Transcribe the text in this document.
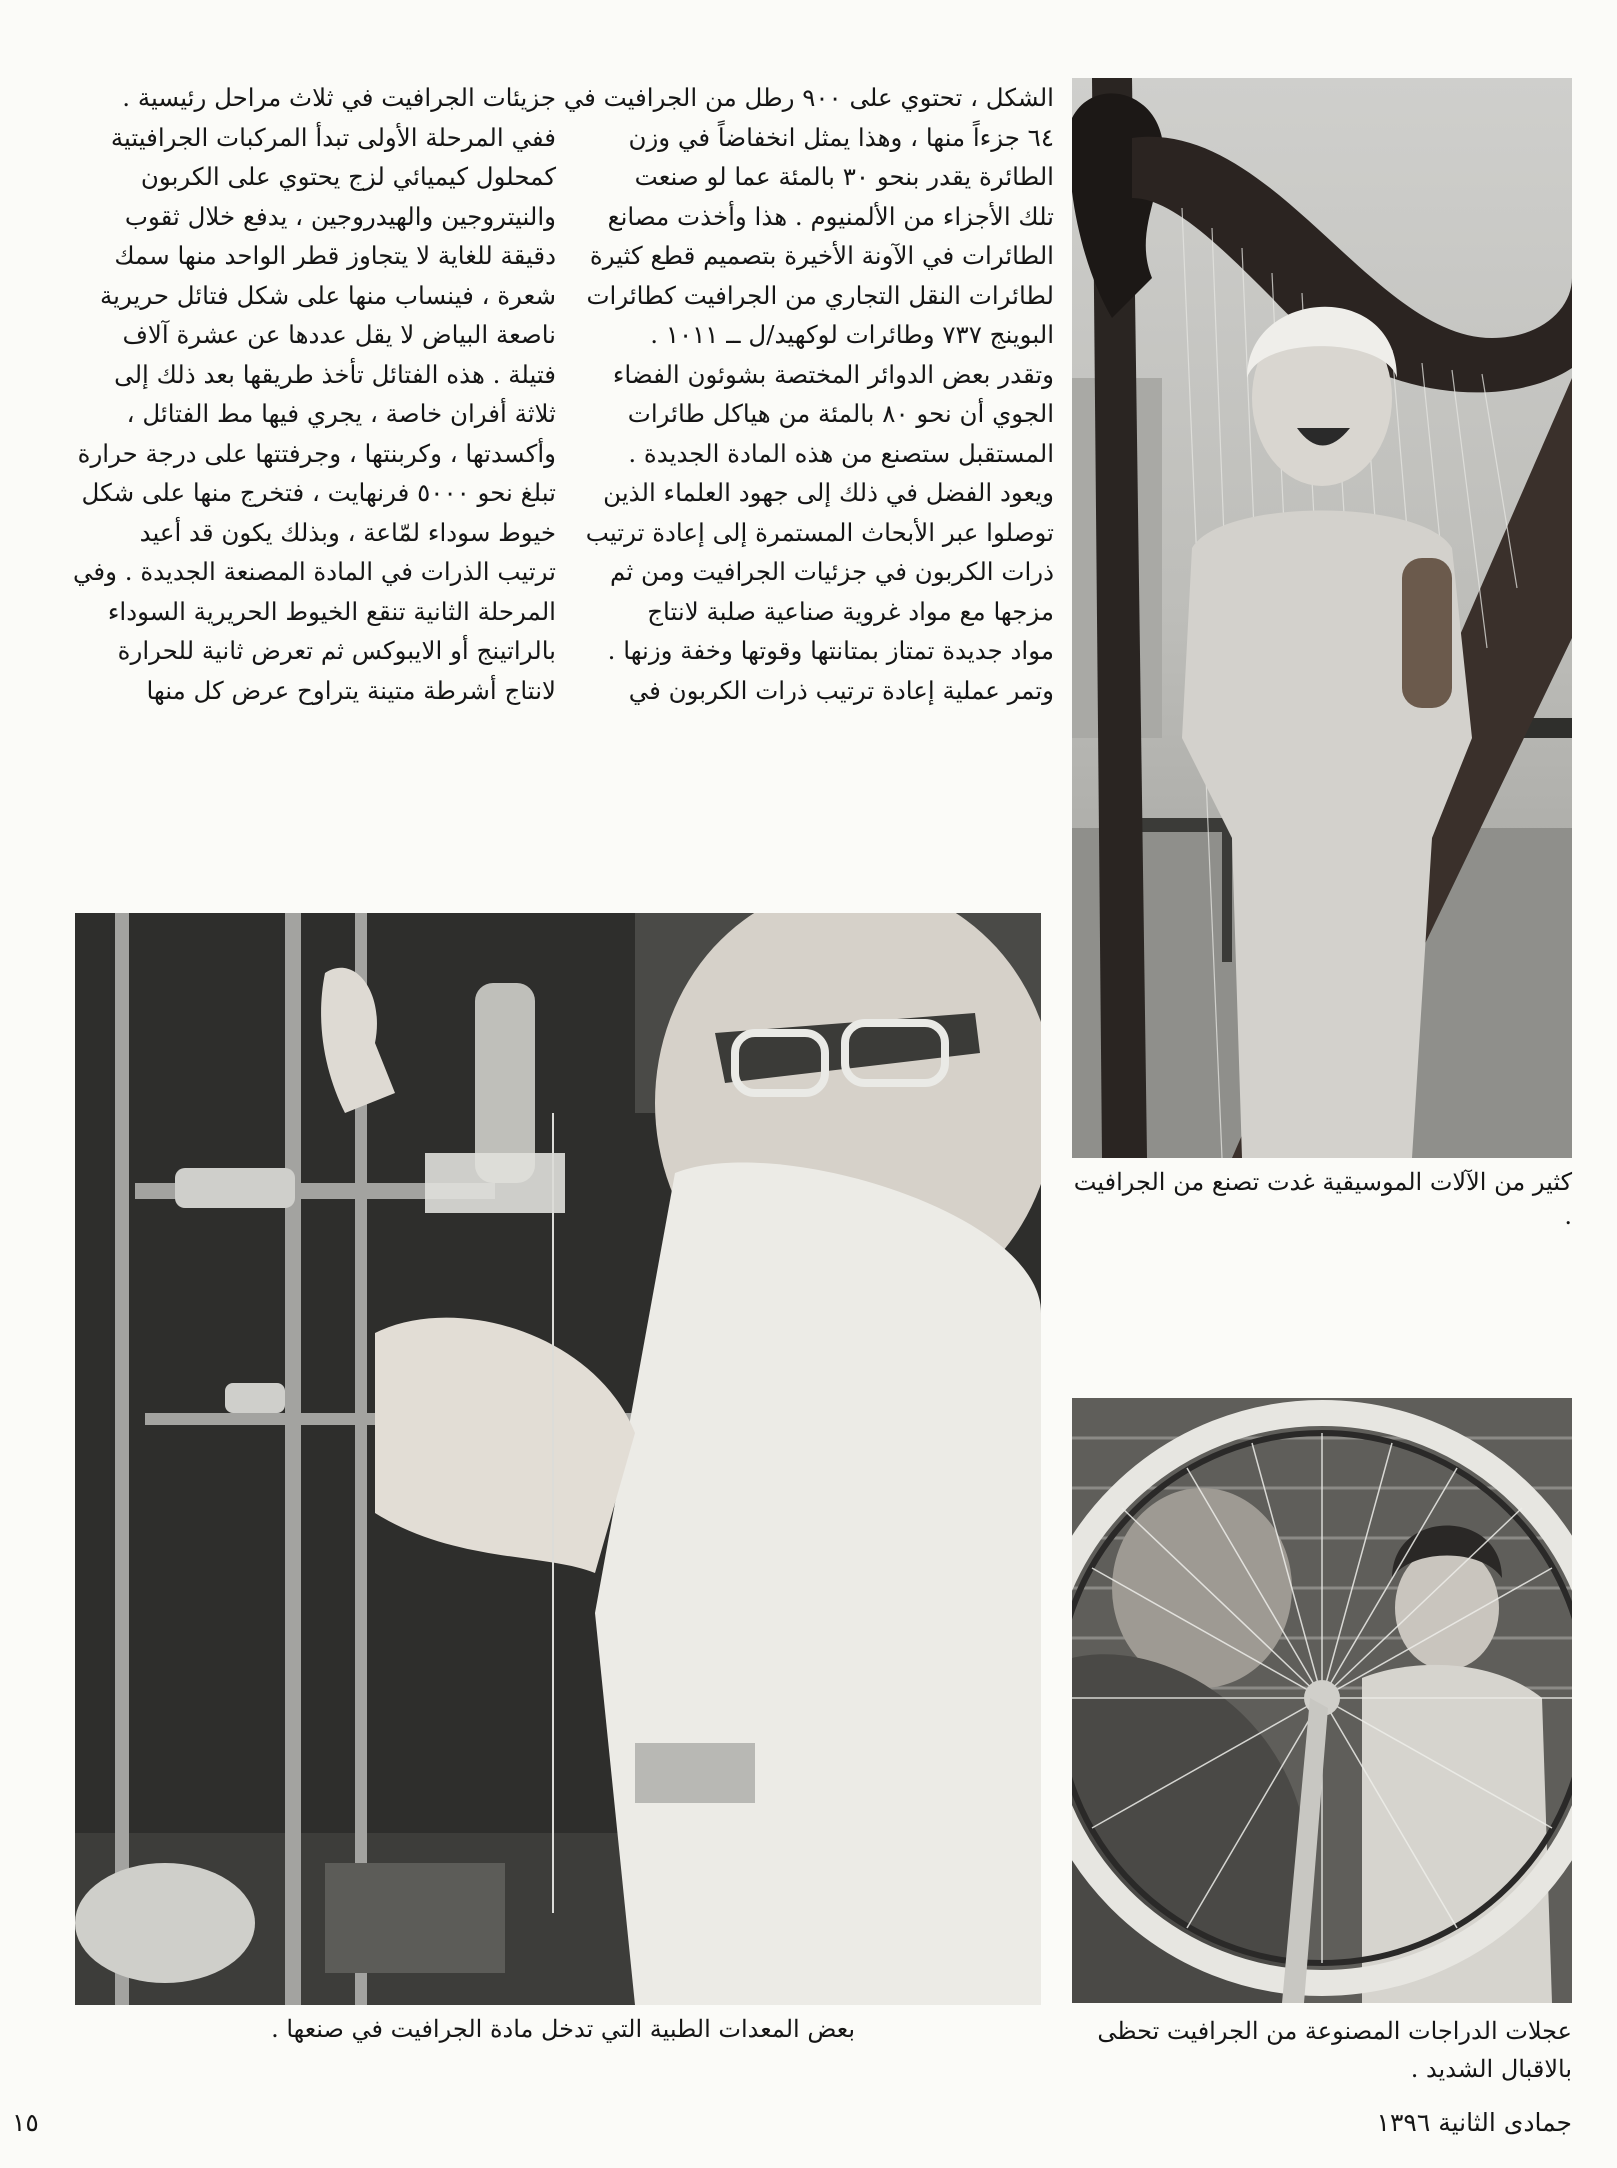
الشكل ، تحتوي على ٩٠٠ رطل من الجرافيت في

٦٤ جزءاً منها ، وهذا يمثل انخفاضاً في وزن

الطائرة يقدر بنحو ٣٠ بالمئة عما لو صنعت

تلك الأجزاء من الألمنيوم . هذا وأخذت مصانع

الطائرات في الآونة الأخيرة بتصميم قطع كثيرة

لطائرات النقل التجاري من الجرافيت كطائرات

البوينج ٧٣٧ وطائرات لوكهيد/ل ــ ١٠١١ .

وتقدر بعض الدوائر المختصة بشوئون الفضاء

الجوي أن نحو ٨٠ بالمئة من هياكل طائرات

المستقبل ستصنع من هذه المادة الجديدة .

ويعود الفضل في ذلك إلى جهود العلماء الذين

توصلوا عبر الأبحاث المستمرة إلى إعادة ترتيب

ذرات الكربون في جزئيات الجرافيت ومن ثم

مزجها مع مواد غروية صناعية صلبة لانتاج

مواد جديدة تمتاز بمتانتها وقوتها وخفة وزنها .

وتمر عملية إعادة ترتيب ذرات الكربون في

جزيئات الجرافيت في ثلاث مراحل رئيسية .

ففي المرحلة الأولى تبدأ المركبات الجرافيتية

كمحلول كيميائي لزج يحتوي على الكربون

والنيتروجين والهيدروجين ، يدفع خلال ثقوب

دقيقة للغاية لا يتجاوز قطر الواحد منها سمك

شعرة ، فينساب منها على شكل فتائل حريرية

ناصعة البياض لا يقل عددها عن عشرة آلاف

فتيلة . هذه الفتائل تأخذ طريقها بعد ذلك إلى

ثلاثة أفران خاصة ، يجري فيها مط الفتائل ،

وأكسدتها ، وكربنتها ، وجرفتتها على درجة حرارة

تبلغ نحو ٥٠٠٠ فرنهايت ، فتخرج منها على شكل

خيوط سوداء لمّاعة ، وبذلك يكون قد أعيد

ترتيب الذرات في المادة المصنعة الجديدة . وفي

المرحلة الثانية تنقع الخيوط الحريرية السوداء

بالراتينج أو الايبوكس ثم تعرض ثانية للحرارة

لانتاج أشرطة متينة يتراوح عرض كل منها

كثير من الآلات الموسيقية غدت تصنع من الجرافيت .
بعض المعدات الطبية التي تدخل مادة الجرافيت في صنعها .	عجلات الدراجات المصنوعة من الجرافيت تحظى
بالاقبال الشديد .
١٥	جمادى الثانية ١٣٩٦
